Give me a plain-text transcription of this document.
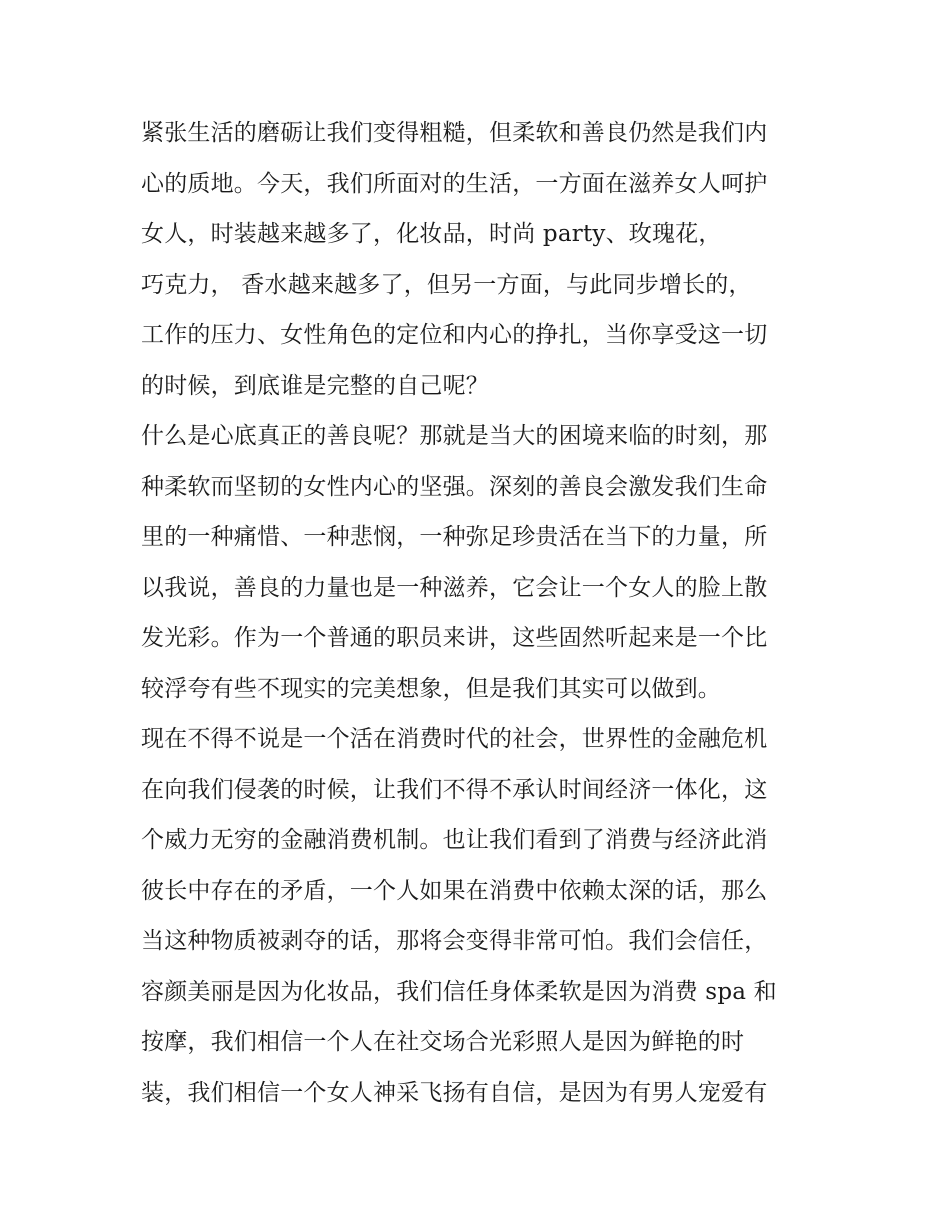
紧张生活的磨砺让我们变得粗糙，但柔软和善良仍然是我们内
心的质地。今天，我们所面对的生活，一方面在滋养女人呵护
女人，时装越来越多了，化妆品，时尚 party、玫瑰花，
巧克力， 香水越来越多了，但另一方面，与此同步增长的，
工作的压力、女性角色的定位和内心的挣扎，当你享受这一切
的时候，到底谁是完整的自己呢？
什么是心底真正的善良呢？那就是当大的困境来临的时刻，那
种柔软而坚韧的女性内心的坚强。深刻的善良会激发我们生命
里的一种痛惜、一种悲悯，一种弥足珍贵活在当下的力量，所
以我说，善良的力量也是一种滋养，它会让一个女人的脸上散
发光彩。作为一个普通的职员来讲，这些固然听起来是一个比
较浮夸有些不现实的完美想象，但是我们其实可以做到。
现在不得不说是一个活在消费时代的社会，世界性的金融危机
在向我们侵袭的时候，让我们不得不承认时间经济一体化，这
个威力无穷的金融消费机制。也让我们看到了消费与经济此消
彼长中存在的矛盾，一个人如果在消费中依赖太深的话，那么
当这种物质被剥夺的话，那将会变得非常可怕。我们会信任，
容颜美丽是因为化妆品，我们信任身体柔软是因为消费 spa 和
按摩，我们相信一个人在社交场合光彩照人是因为鲜艳的时
装，我们相信一个女人神采飞扬有自信，是因为有男人宠爱有
